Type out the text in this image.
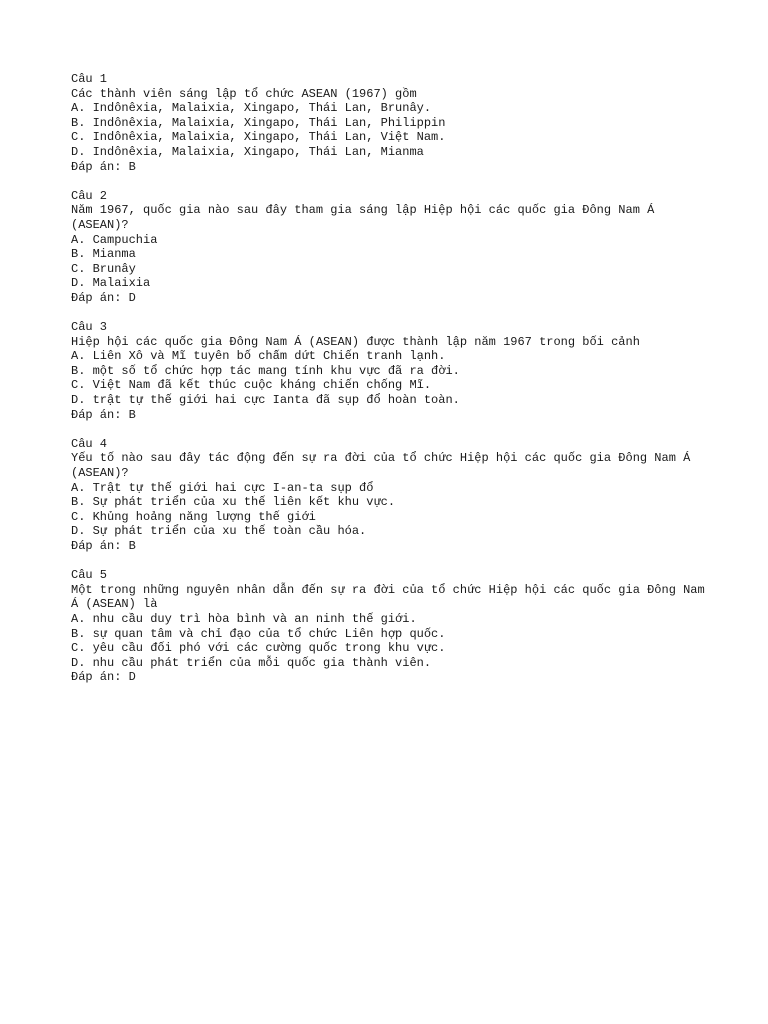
Câu 1
Các thành viên sáng lập tổ chức ASEAN (1967) gồm
A. Indônêxia, Malaixia, Xingapo, Thái Lan, Brunây.
B. Indônêxia, Malaixia, Xingapo, Thái Lan, Philippin
C. Indônêxia, Malaixia, Xingapo, Thái Lan, Việt Nam.
D. Indônêxia, Malaixia, Xingapo, Thái Lan, Mianma
Đáp án: B
Câu 2
Năm 1967, quốc gia nào sau đây tham gia sáng lập Hiệp hội các quốc gia Đông Nam Á (ASEAN)?
A. Campuchia
B. Mianma
C. Brunây
D. Malaixia
Đáp án: D
Câu 3
Hiệp hội các quốc gia Đông Nam Á (ASEAN) được thành lập năm 1967 trong bối cảnh
A. Liên Xô và Mĩ tuyên bố chấm dứt Chiến tranh lạnh.
B. một số tổ chức hợp tác mang tính khu vực đã ra đời.
C. Việt Nam đã kết thúc cuộc kháng chiến chống Mĩ.
D. trật tự thế giới hai cực Ianta đã sụp đổ hoàn toàn.
Đáp án: B
Câu 4
Yếu tố nào sau đây tác động đến sự ra đời của tổ chức Hiệp hội các quốc gia Đông Nam Á (ASEAN)?
A. Trật tự thế giới hai cực I-an-ta sụp đổ
B. Sự phát triển của xu thế liên kết khu vực.
C. Khủng hoảng năng lượng thế giới
D. Sự phát triển của xu thế toàn cầu hóa.
Đáp án: B
Câu 5
Một trong những nguyên nhân dẫn đến sự ra đời của tổ chức Hiệp hội các quốc gia Đông Nam Á (ASEAN) là
A. nhu cầu duy trì hòa bình và an ninh thế giới.
B. sự quan tâm và chỉ đạo của tổ chức Liên hợp quốc.
C. yêu cầu đối phó với các cường quốc trong khu vực.
D. nhu cầu phát triển của mỗi quốc gia thành viên.
Đáp án: D
